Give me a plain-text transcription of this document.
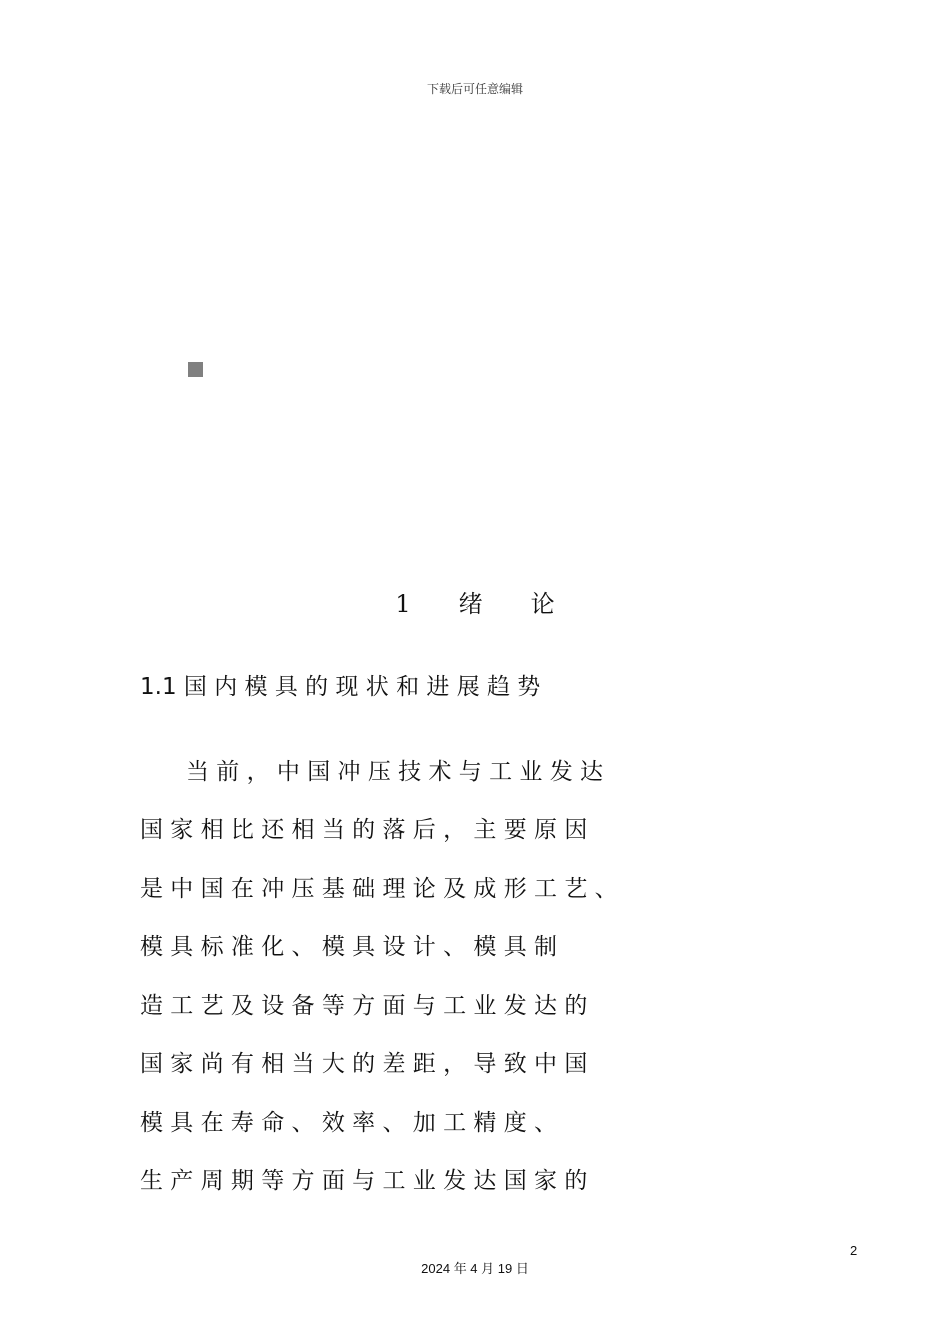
下载后可任意编辑
1　　绪　　论
1.1 国 内 模 具 的 现 状 和 进 展 趋 势
　　当 前 ， 中 国 冲 压 技 术 与 工 业 发 达
国 家 相 比 还 相 当 的 落 后 ， 主 要 原 因
是 中 国 在 冲 压 基 础 理 论 及 成 形 工 艺 、
模 具 标 准 化 、 模 具 设 计 、 模 具 制
造 工 艺 及 设 备 等 方 面 与 工 业 发 达 的
国 家 尚 有 相 当 大 的 差 距 ， 导 致 中 国
模 具 在 寿 命 、 效 率 、 加 工 精 度 、
生 产 周 期 等 方 面 与 工 业 发 达 国 家 的
2
2024 年 4 月 19 日
